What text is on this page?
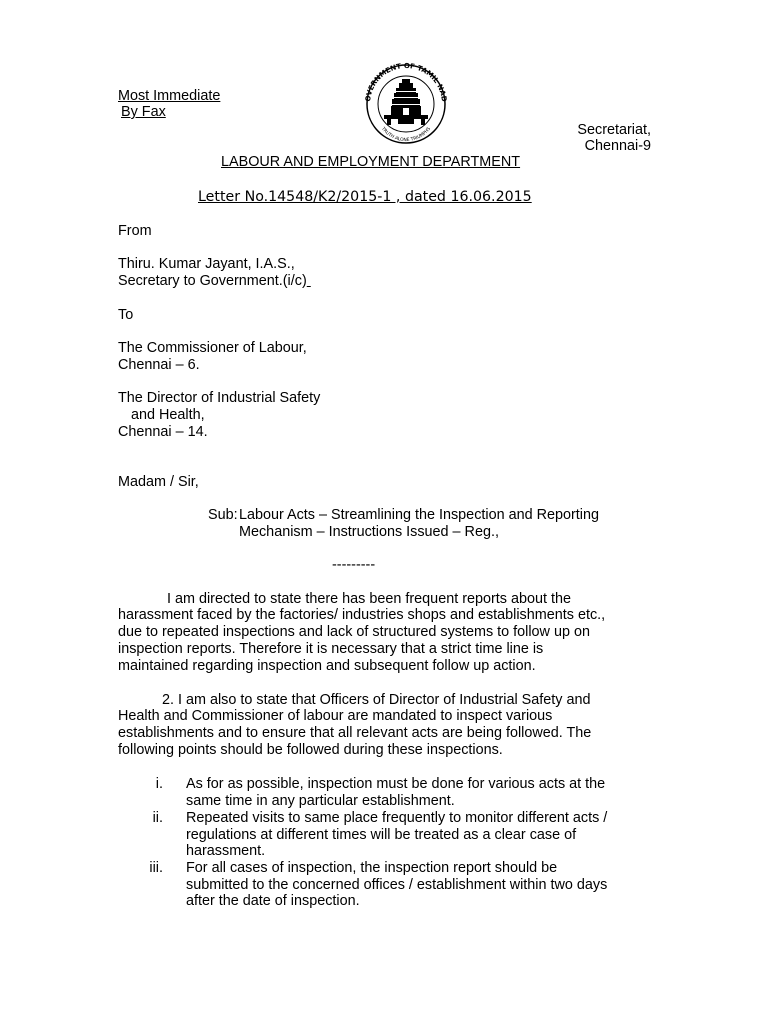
Most Immediate
By Fax
OVERNMENT OF TAMIL NAD
TRUTH ALONE TRIUMPHS	Secretariat,
Chennai-9
LABOUR AND EMPLOYMENT DEPARTMENT
Letter No.14548/K2/2015-1 , dated 16.06.2015
From
Thiru. Kumar Jayant, I.A.S.,
Secretary to Government.(i/c)
To
The Commissioner of Labour,
Chennai – 6.
The Director of Industrial Safety
and Health,
Chennai – 14.
Madam / Sir,
Sub: Labour Acts – Streamlining the Inspection and Reporting
Mechanism – Instructions Issued – Reg.,
---------
I am directed to state there has been frequent reports about the
harassment faced by the factories/ industries shops and establishments etc.,
due to repeated inspections and lack of structured systems to follow up on
inspection reports. Therefore it is necessary that a strict time line is
maintained regarding inspection and subsequent follow up action.
2. I am also to state that Officers of Director of Industrial Safety and
Health and Commissioner of labour are mandated to inspect various
establishments and to ensure that all relevant acts are being followed. The
following points should be followed during these inspections.
i. As for as possible, inspection must be done for various acts at the
same time in any particular establishment.
ii. Repeated visits to same place frequently to monitor different acts /
regulations at different times will be treated as a clear case of
harassment.
iii. For all cases of inspection, the inspection report should be
submitted to the concerned offices / establishment within two days
after the date of inspection.
